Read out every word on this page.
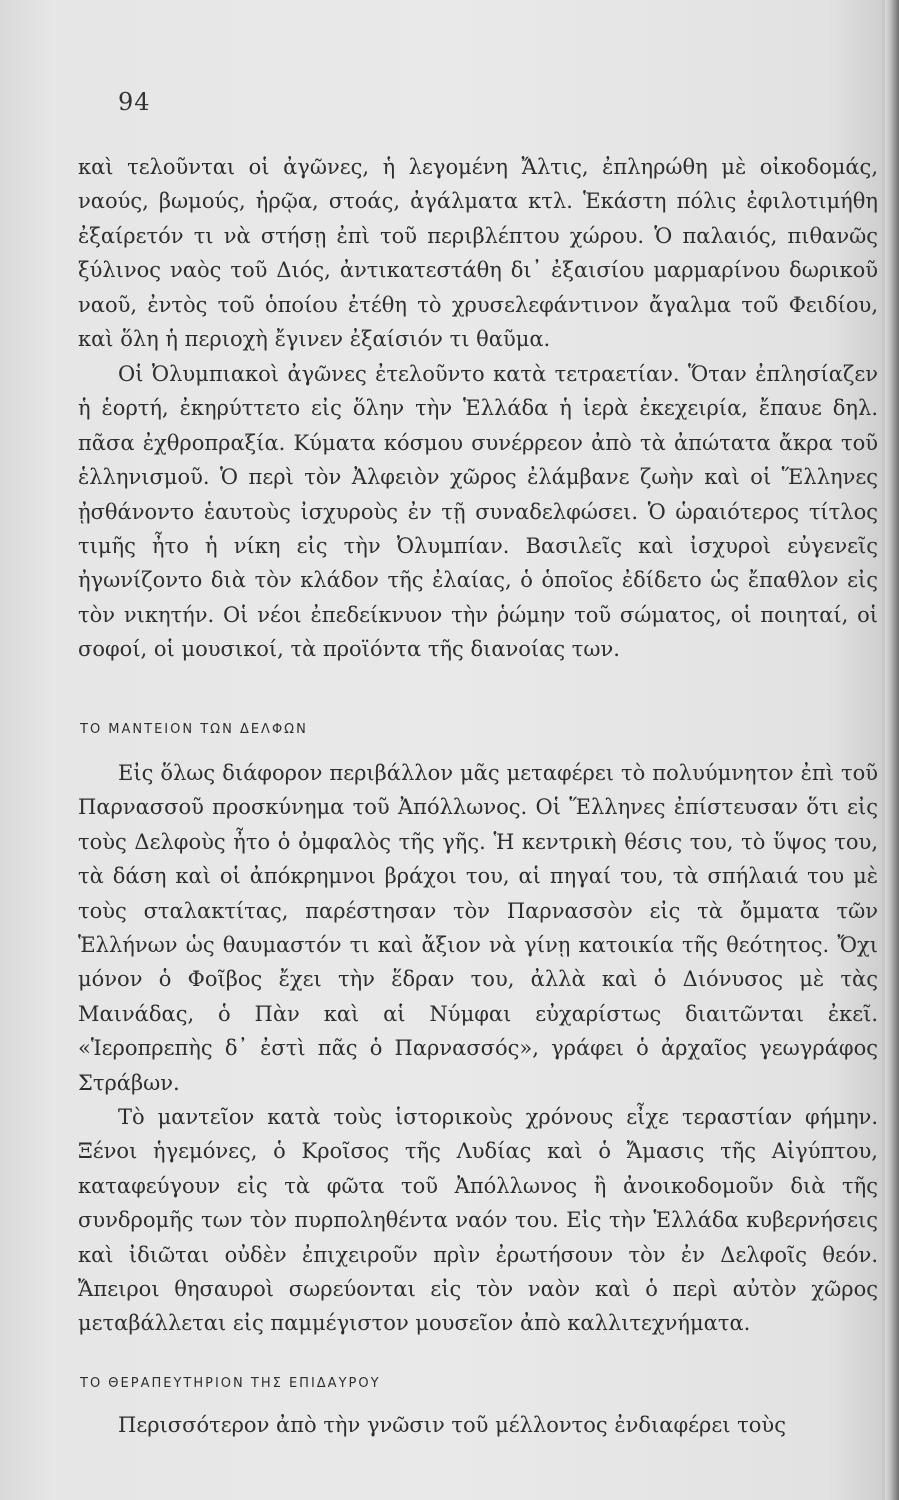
94

καὶ τελοῦνται οἱ ἀγῶνες, ἡ λεγομένη Ἄλτις, ἐπληρώθη μὲ οἰκοδομάς, ναούς, βωμούς, ἡρῷα, στοάς, ἀγάλματα κτλ. Ἑκάστη πόλις ἐφιλοτιμήθη ἐξαίρετόν τι νὰ στήσῃ ἐπὶ τοῦ περιβλέπτου χώρου. Ὁ παλαιός, πιθανῶς ξύλινος ναὸς τοῦ Διός, ἀντικατεστάθη δι᾽ ἐξαισίου μαρμαρίνου δωρικοῦ ναοῦ, ἐντὸς τοῦ ὁποίου ἐτέθη τὸ χρυσελεφάντινον ἄγαλμα τοῦ Φειδίου, καὶ ὅλη ἡ περιοχὴ ἔγινεν ἐξαίσιόν τι θαῦμα.

Οἱ Ὀλυμπιακοὶ ἀγῶνες ἐτελοῦντο κατὰ τετραετίαν. Ὅταν ἐπλησίαζεν ἡ ἑορτή, ἐκηρύττετο εἰς ὅλην τὴν Ἑλλάδα ἡ ἱερὰ ἐκεχειρία, ἔπαυε δηλ. πᾶσα ἐχθροπραξία. Κύματα κόσμου συνέρρεον ἀπὸ τὰ ἀπώτατα ἄκρα τοῦ ἑλληνισμοῦ. Ὁ περὶ τὸν Ἀλφειὸν χῶρος ἐλάμβανε ζωὴν καὶ οἱ Ἕλληνες ᾐσθάνοντο ἑαυτοὺς ἰσχυροὺς ἐν τῇ συναδελφώσει. Ὁ ὡραιότερος τίτλος τιμῆς ἦτο ἡ νίκη εἰς τὴν Ὀλυμπίαν. Βασιλεῖς καὶ ἰσχυροὶ εὐγενεῖς ἠγωνίζοντο διὰ τὸν κλάδον τῆς ἐλαίας, ὁ ὁποῖος ἐδίδετο ὡς ἔπαθλον εἰς τὸν νικητήν. Οἱ νέοι ἐπεδείκνυον τὴν ῥώμην τοῦ σώματος, οἱ ποιηταί, οἱ σοφοί, οἱ μουσικοί, τὰ προϊόντα τῆς διανοίας των.

ΤΟ ΜΑΝΤΕΙΟΝ ΤΩΝ ΔΕΛΦΩΝ

Εἰς ὅλως διάφορον περιβάλλον μᾶς μεταφέρει τὸ πολυύμνητον ἐπὶ τοῦ Παρνασσοῦ προσκύνημα τοῦ Ἀπόλλωνος. Οἱ Ἕλληνες ἐπίστευσαν ὅτι εἰς τοὺς Δελφοὺς ἦτο ὁ ὀμφαλὸς τῆς γῆς. Ἡ κεντρικὴ θέσις του, τὸ ὕψος του, τὰ δάση καὶ οἱ ἀπόκρημνοι βράχοι του, αἱ πηγαί του, τὰ σπήλαιά του μὲ τοὺς σταλακτίτας, παρέστησαν τὸν Παρνασσὸν εἰς τὰ ὄμματα τῶν Ἑλλήνων ὡς θαυμαστόν τι καὶ ἄξιον νὰ γίνῃ κατοικία τῆς θεότητος. Ὄχι μόνον ὁ Φοῖβος ἔχει τὴν ἕδραν του, ἀλλὰ καὶ ὁ Διόνυσος μὲ τὰς Μαινάδας, ὁ Πὰν καὶ αἱ Νύμφαι εὐχαρίστως διαιτῶνται ἐκεῖ. «Ἱεροπρεπὴς δ᾽ ἐστὶ πᾶς ὁ Παρνασσός», γράφει ὁ ἀρχαῖος γεωγράφος Στράβων.

Τὸ μαντεῖον κατὰ τοὺς ἱστορικοὺς χρόνους εἶχε τεραστίαν φήμην. Ξένοι ἡγεμόνες, ὁ Κροῖσος τῆς Λυδίας καὶ ὁ Ἄμασις τῆς Αἰγύπτου, καταφεύγουν εἰς τὰ φῶτα τοῦ Ἀπόλλωνος ἢ ἀνοικοδομοῦν διὰ τῆς συνδρομῆς των τὸν πυρποληθέντα ναόν του. Εἰς τὴν Ἑλλάδα κυβερνήσεις καὶ ἰδιῶται οὐδὲν ἐπιχειροῦν πρὶν ἐρωτήσουν τὸν ἐν Δελφοῖς θεόν. Ἄπειροι θησαυροὶ σωρεύονται εἰς τὸν ναὸν καὶ ὁ περὶ αὐτὸν χῶρος μεταβάλλεται εἰς παμμέγιστον μουσεῖον ἀπὸ καλλιτεχνήματα.

ΤΟ ΘΕΡΑΠΕΥΤΗΡΙΟΝ ΤΗΣ ΕΠΙΔΑΥΡΟΥ

Περισσότερον ἀπὸ τὴν γνῶσιν τοῦ μέλλοντος ἐνδιαφέρει τοὺς
